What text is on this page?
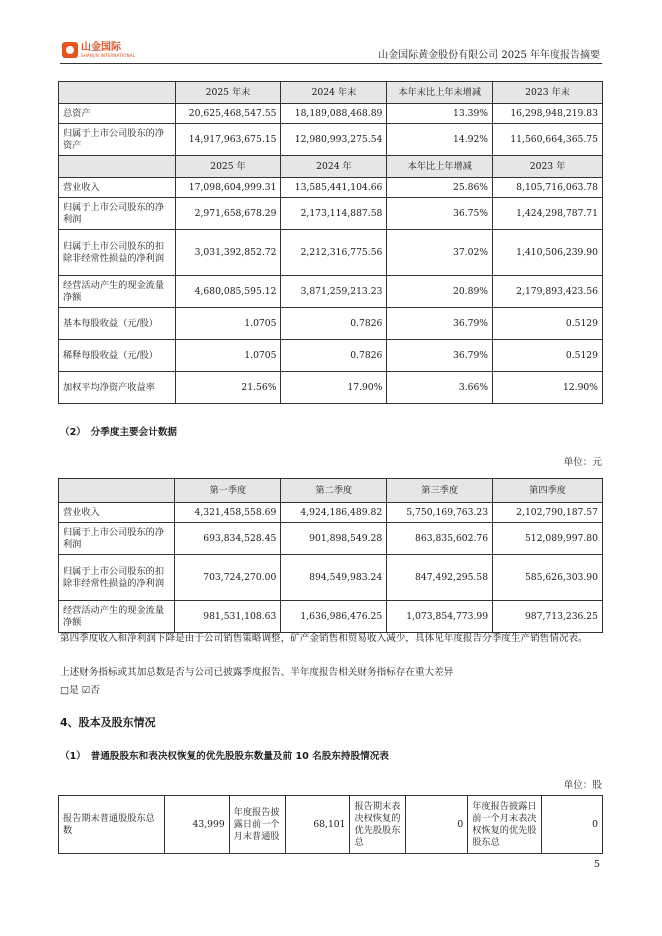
山金国际
SHANJIN INTERNATIONAL	山金国际黄金股份有限公司 2025 年年度报告摘要
	2025 年末	2024 年末	本年末比上年末增减	2023 年末
总资产	20,625,468,547.55	18,189,088,468.89	13.39%	16,298,948,219.83
归属于上市公司股东的净资产	14,917,963,675.15	12,980,993,275.54	14.92%	11,560,664,365.75
	2025 年	2024 年	本年比上年增减	2023 年
营业收入	17,098,604,999.31	13,585,441,104.66	25.86%	8,105,716,063.78
归属于上市公司股东的净利润	2,971,658,678.29	2,173,114,887.58	36.75%	1,424,298,787.71
归属于上市公司股东的扣除非经常性损益的净利润	3,031,392,852.72	2,212,316,775.56	37.02%	1,410,506,239.90
经营活动产生的现金流量净额	4,680,085,595.12	3,871,259,213.23	20.89%	2,179,893,423.56
基本每股收益（元/股）	1.0705	0.7826	36.79%	0.5129
稀释每股收益（元/股）	1.0705	0.7826	36.79%	0.5129
加权平均净资产收益率	21.56%	17.90%	3.66%	12.90%
（2）　分季度主要会计数据
单位：元
	第一季度	第二季度	第三季度	第四季度
营业收入	4,321,458,558.69	4,924,186,489.82	5,750,169,763.23	2,102,790,187.57
归属于上市公司股东的净利润	693,834,528.45	901,898,549.28	863,835,602.76	512,089,997.80
归属于上市公司股东的扣除非经常性损益的净利润	703,724,270.00	894,549,983.24	847,492,295.58	585,626,303.90
经营活动产生的现金流量净额	981,531,108.63	1,636,986,476.25	1,073,854,773.99	987,713,236.25
第四季度收入和净利润下降是由于公司销售策略调整，矿产金销售和贸易收入减少，具体见年度报告分季度生产销售情况表。
上述财务指标或其加总数是否与公司已披露季度报告、半年度报告相关财务指标存在重大差异
□是 ☑否
4、股本及股东情况
（1）　普通股股东和表决权恢复的优先股股东数量及前 10 名股东持股情况表
单位：股
报告期末普通股股东总数	43,999	年度报告披露日前一个月末普通股	68,101	报告期末表决权恢复的优先股股东总	0	年度报告披露日前一个月末表决权恢复的优先股股东总	0
5
